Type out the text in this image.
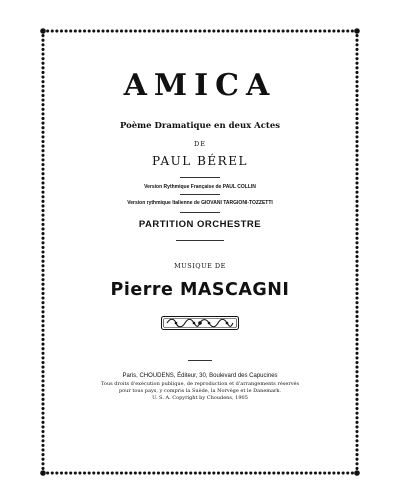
AMICA
Poème Dramatique en deux Actes
DE
PAUL BÉREL
Version Rythmique Française de PAUL COLLIN
Version rythmique Italienne de GIOVANI TARGIONI-TOZZETTI
PARTITION ORCHESTRE
MUSIQUE DE
Pierre MASCAGNI
Paris, CHOUDENS, Éditeur, 30, Boulevard des Capucines
Tous droits d'exécution publique, de reproduction et d'arrangements réservés
pour tous pays, y compris la Suède, la Norvège et le Danemark.
U. S. A. Copyright by Choudens, 1905
